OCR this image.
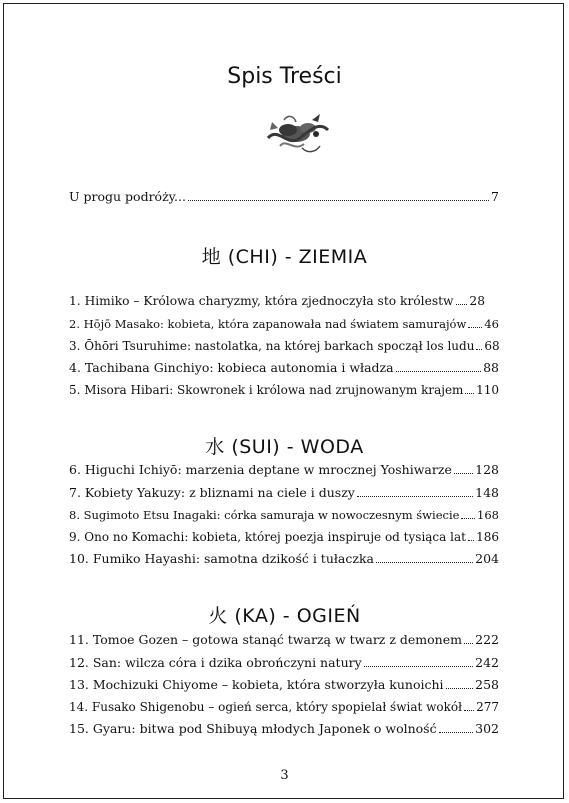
Spis Treści
U progu podróży...	7
地 (CHI) - ZIEMIA
1. Himiko – Królowa charyzmy, która zjednoczyła sto królestw 28
2. Hōjō Masako: kobieta, która zapanowała nad światem samurajów 46
3. Ōhōri Tsuruhime: nastolatka, na której barkach spoczął los ludu 68
4. Tachibana Ginchiyo: kobieca autonomia i władza	88
5. Misora Hibari: Skowronek i królowa nad zrujnowanym krajem 110
水 (SUI) - WODA
6. Higuchi Ichiyō: marzenia deptane w mrocznej Yoshiwarze 128
7. Kobiety Yakuzy: z bliznami na ciele i duszy	148
8. Sugimoto Etsu Inagaki: córka samuraja w nowoczesnym świecie 168
9. Ono no Komachi: kobieta, której poezja inspiruje od tysiąca lat 186
10. Fumiko Hayashi: samotna dzikość i tułaczka	204
火 (KA) - OGIEŃ
11. Tomoe Gozen – gotowa stanąć twarzą w twarz z demonem 222
12. San: wilcza córa i dzika obrończyni natury	242
13. Mochizuki Chiyome – kobieta, która stworzyła kunoichi	258
14. Fusako Shigenobu – ogień serca, który spopielał świat wokół 277
15. Gyaru: bitwa pod Shibuyą młodych Japonek o wolność	302
3
